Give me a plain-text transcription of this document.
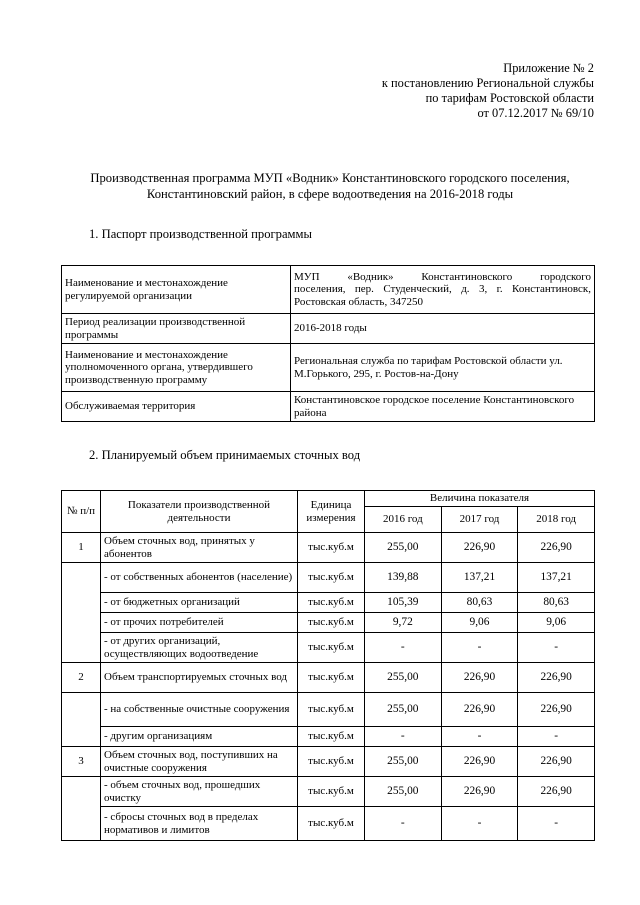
Приложение № 2
к постановлению Региональной службы
по тарифам Ростовской области
от 07.12.2017 № 69/10
Производственная программа МУП «Водник» Константиновского городского поселения,
Константиновский район, в сфере водоотведения на 2016-2018 годы
1. Паспорт производственной программы
Наименование и местонахождение регулируемой организации	МУП «Водник» Константиновского городского
поселения, пер. Студенческий, д. 3, г. Константиновск, Ростовская область, 347250

Период реализации производственной программы	2016-2018 годы
Наименование и местонахождение уполномоченного органа, утвердившего производственную программу	Региональная служба по тарифам Ростовской области ул. М.Горького, 295, г. Ростов-на-Дону
Обслуживаемая территория	Константиновское городское поселение Константиновского района
2. Планируемый объем принимаемых сточных вод
№ п/п	Показатели производственной деятельности	Единица измерения	Величина показателя		
			2016 год	2017 год	2018 год
1	Объем сточных вод, принятых у абонентов	тыс.куб.м	255,00	226,90	226,90
	- от собственных абонентов (население)	тыс.куб.м	139,88	137,21	137,21
	- от бюджетных организаций	тыс.куб.м	105,39	80,63	80,63
	- от прочих потребителей	тыс.куб.м	9,72	9,06	9,06
	- от других организаций, осуществляющих водоотведение	тыс.куб.м	-	-	-
2	Объем транспортируемых сточных вод	тыс.куб.м	255,00	226,90	226,90
	- на собственные очистные сооружения	тыс.куб.м	255,00	226,90	226,90
	- другим организациям	тыс.куб.м	-	-	-
3	Объем сточных вод, поступивших на очистные сооружения	тыс.куб.м	255,00	226,90	226,90
	- объем сточных вод, прошедших очистку	тыс.куб.м	255,00	226,90	226,90
	- сбросы сточных вод в пределах нормативов и лимитов	тыс.куб.м	-	-	-
